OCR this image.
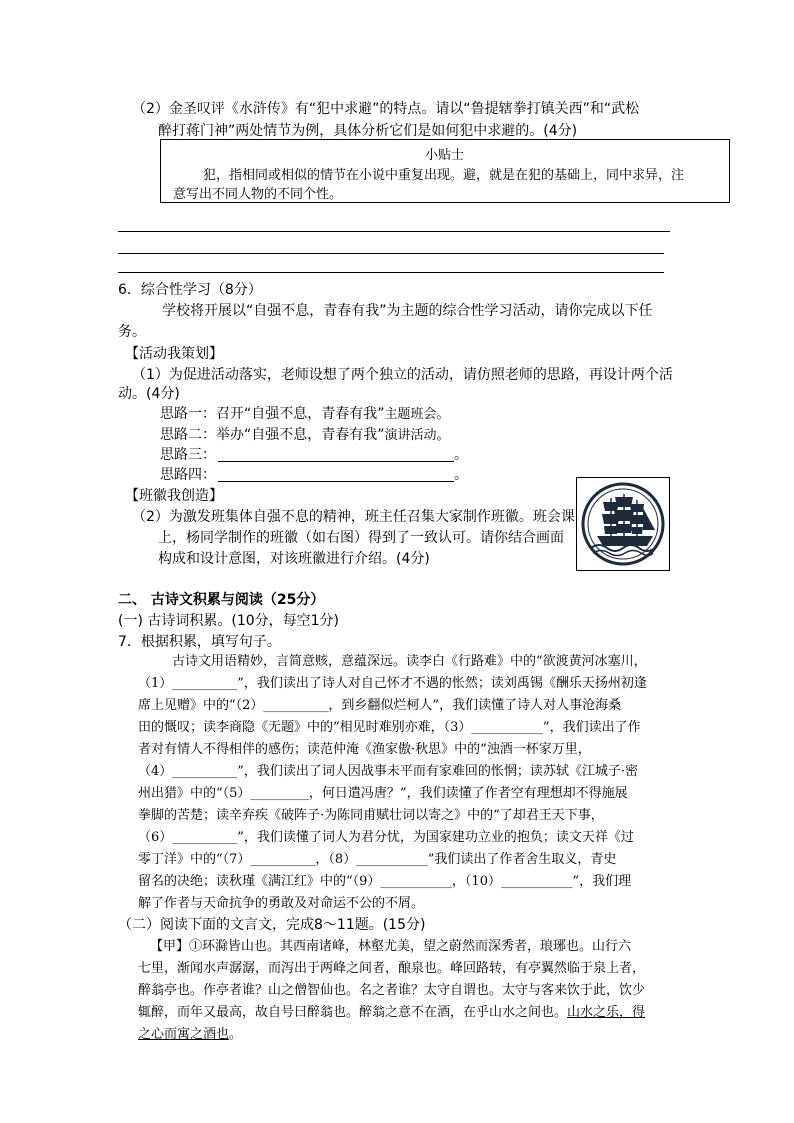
（2）金圣叹评《水浒传》有“犯中求避”的特点。请以“鲁提辖拳打镇关西”和“武松
醉打蒋门神”两处情节为例，具体分析它们是如何犯中求避的。(4分)
小贴士
犯，指相同或相似的情节在小说中重复出现。避，就是在犯的基础上，同中求异，注
意写出不同人物的不同个性。
6．综合性学习（8分）
学校将开展以“自强不息，青春有我”为主题的综合性学习活动，请你完成以下任
务。
【活动我策划】
（1）为促进活动落实，老师设想了两个独立的活动，请仿照老师的思路，再设计两个活
动。(4分)
思路一：召开“自强不息，青春有我”主题班会。
思路二：举办“自强不息，青春有我”演讲活动。
思路三：	。
思路四：	。
【班徽我创造】
（2）为激发班集体自强不息的精神，班主任召集大家制作班徽。班会课
上，杨同学制作的班徽（如右图）得到了一致认可。请你结合画面
构成和设计意图，对该班徽进行介绍。(4分)
二、 古诗文积累与阅读（25分）
(一) 古诗词积累。(10分，每空1分)
7．根据积累，填写句子。
古诗文用语精妙，言简意赅，意蕴深远。读李白《行路难》中的“欲渡黄河冰塞川，
（1）__________”，我们读出了诗人对自己怀才不遇的怅然；读刘禹锡《酬乐天扬州初逢
席上见赠》中的“（2）__________，到乡翻似烂柯人”，我们读懂了诗人对人事沧海桑
田的慨叹；读李商隐《无题》中的“相见时难别亦难，（3）___________”，我们读出了作
者对有情人不得相伴的感伤；读范仲淹《渔家傲·秋思》中的“浊酒一杯家万里，
（4）__________”，我们读出了词人因战事未平而有家难回的怅惘；读苏轼《江城子·密
州出猎》中的“（5）_________，何日遣冯唐？”，我们读懂了作者空有理想却不得施展
拳脚的苦楚；读辛弃疾《破阵子·为陈同甫赋壮词以寄之》中的“了却君王天下事，
（6）__________”，我们读懂了词人为君分忧，为国家建功立业的抱负；读文天祥《过
零丁洋》中的“（7）__________，（8）___________”我们读出了作者舍生取义，青史
留名的决绝；读秋瑾《满江红》中的“（9）___________，（10）___________”，我们理
解了作者与天命抗争的勇敢及对命运不公的不屑。
（二）阅读下面的文言文，完成8～11题。(15分)
【甲】①环滁皆山也。其西南诸峰，林壑尤美，望之蔚然而深秀者，琅琊也。山行六
七里，渐闻水声潺潺，而泻出于两峰之间者，酿泉也。峰回路转，有亭翼然临于泉上者，
醉翁亭也。作亭者谁？山之僧智仙也。名之者谁？太守自谓也。太守与客来饮于此，饮少
辄醉，而年又最高，故自号曰醉翁也。醉翁之意不在酒，在乎山水之间也。山水之乐，得
之心而寓之酒也。
